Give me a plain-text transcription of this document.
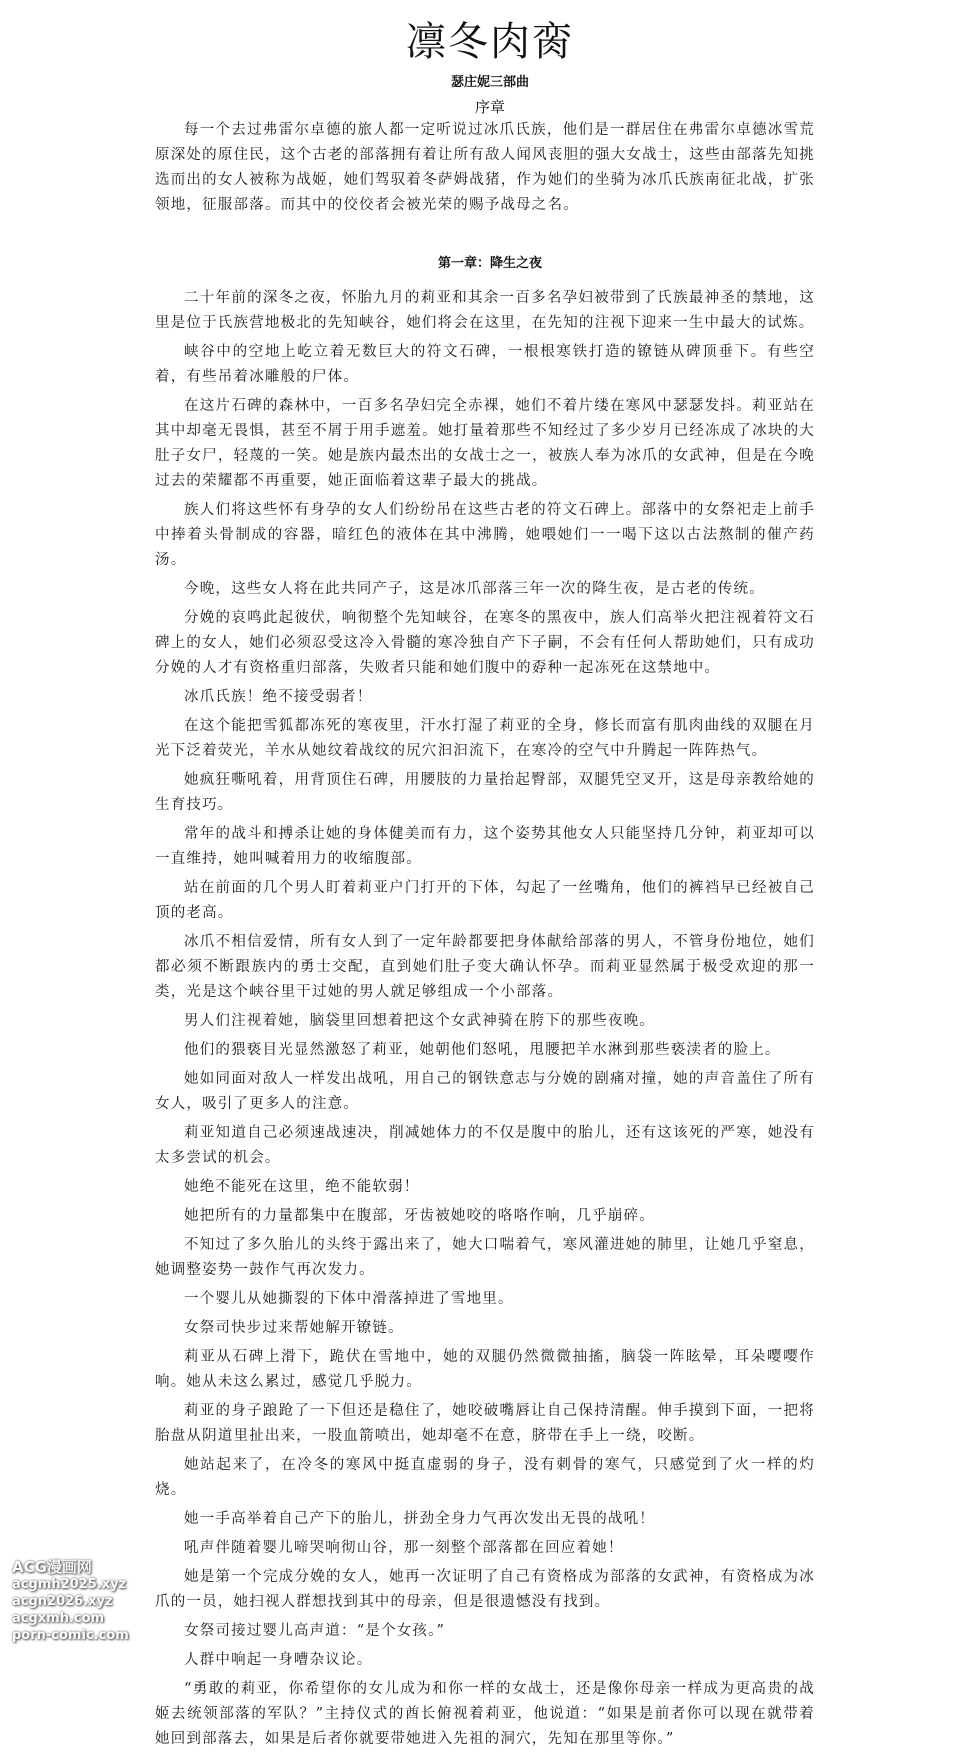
凛冬肉脔
瑟庄妮三部曲
序章

每一个去过弗雷尔卓德的旅人都一定听说过冰爪氏族，他们是一群居住在弗雷尔卓德冰雪荒原深处的原住民，这个古老的部落拥有着让所有敌人闻风丧胆的强大女战士，这些由部落先知挑选而出的女人被称为战姬，她们驾驭着冬萨姆战猪，作为她们的坐骑为冰爪氏族南征北战，扩张领地，征服部落。而其中的佼佼者会被光荣的赐予战母之名。

第一章：降生之夜

二十年前的深冬之夜，怀胎九月的莉亚和其余一百多名孕妇被带到了氏族最神圣的禁地，这里是位于氏族营地极北的先知峡谷，她们将会在这里，在先知的注视下迎来一生中最大的试炼。

峡谷中的空地上屹立着无数巨大的符文石碑，一根根寒铁打造的镣链从碑顶垂下。有些空着，有些吊着冰雕般的尸体。

在这片石碑的森林中，一百多名孕妇完全赤裸，她们不着片缕在寒风中瑟瑟发抖。莉亚站在其中却毫无畏惧，甚至不屑于用手遮羞。她打量着那些不知经过了多少岁月已经冻成了冰块的大肚子女尸，轻蔑的一笑。她是族内最杰出的女战士之一，被族人奉为冰爪的女武神，但是在今晚过去的荣耀都不再重要，她正面临着这辈子最大的挑战。

族人们将这些怀有身孕的女人们纷纷吊在这些古老的符文石碑上。部落中的女祭祀走上前手中捧着头骨制成的容器，暗红色的液体在其中沸腾，她喂她们一一喝下这以古法熬制的催产药汤。

今晚，这些女人将在此共同产子，这是冰爪部落三年一次的降生夜，是古老的传统。

分娩的哀鸣此起彼伏，响彻整个先知峡谷，在寒冬的黑夜中，族人们高举火把注视着符文石碑上的女人，她们必须忍受这冷入骨髓的寒冷独自产下子嗣，不会有任何人帮助她们，只有成功分娩的人才有资格重归部落，失败者只能和她们腹中的孬种一起冻死在这禁地中。

冰爪氏族！绝不接受弱者！

在这个能把雪狐都冻死的寒夜里，汗水打湿了莉亚的全身，修长而富有肌肉曲线的双腿在月光下泛着荧光，羊水从她纹着战纹的尻穴汩汩流下，在寒冷的空气中升腾起一阵阵热气。

她疯狂嘶吼着，用背顶住石碑，用腰肢的力量抬起臀部，双腿凭空叉开，这是母亲教给她的生育技巧。

常年的战斗和搏杀让她的身体健美而有力，这个姿势其他女人只能坚持几分钟，莉亚却可以一直维持，她叫喊着用力的收缩腹部。

站在前面的几个男人盯着莉亚户门打开的下体，勾起了一丝嘴角，他们的裤裆早已经被自己顶的老高。

冰爪不相信爱情，所有女人到了一定年龄都要把身体献给部落的男人，不管身份地位，她们都必须不断跟族内的勇士交配，直到她们肚子变大确认怀孕。而莉亚显然属于极受欢迎的那一类，光是这个峡谷里干过她的男人就足够组成一个小部落。

男人们注视着她，脑袋里回想着把这个女武神骑在胯下的那些夜晚。

他们的猥亵目光显然激怒了莉亚，她朝他们怒吼，甩腰把羊水淋到那些亵渎者的脸上。

她如同面对敌人一样发出战吼，用自己的钢铁意志与分娩的剧痛对撞，她的声音盖住了所有女人，吸引了更多人的注意。

莉亚知道自己必须速战速决，削减她体力的不仅是腹中的胎儿，还有这该死的严寒，她没有太多尝试的机会。

她绝不能死在这里，绝不能软弱！

她把所有的力量都集中在腹部，牙齿被她咬的咯咯作响，几乎崩碎。

不知过了多久胎儿的头终于露出来了，她大口喘着气，寒风灌进她的肺里，让她几乎窒息，她调整姿势一鼓作气再次发力。

一个婴儿从她撕裂的下体中滑落掉进了雪地里。

女祭司快步过来帮她解开镣链。

莉亚从石碑上滑下，跪伏在雪地中，她的双腿仍然微微抽搐，脑袋一阵眩晕，耳朵嘤嘤作响。她从未这么累过，感觉几乎脱力。

莉亚的身子踉跄了一下但还是稳住了，她咬破嘴唇让自己保持清醒。伸手摸到下面，一把将胎盘从阴道里扯出来，一股血箭喷出，她却毫不在意，脐带在手上一绕，咬断。

她站起来了，在冷冬的寒风中挺直虚弱的身子，没有刺骨的寒气，只感觉到了火一样的灼烧。

她一手高举着自己产下的胎儿，拼劲全身力气再次发出无畏的战吼！

吼声伴随着婴儿啼哭响彻山谷，那一刻整个部落都在回应着她！

她是第一个完成分娩的女人，她再一次证明了自己有资格成为部落的女武神，有资格成为冰爪的一员，她扫视人群想找到其中的母亲，但是很遗憾没有找到。

女祭司接过婴儿高声道：“是个女孩。”

人群中响起一身嘈杂议论。

“勇敢的莉亚，你希望你的女儿成为和你一样的女战士，还是像你母亲一样成为更高贵的战姬去统领部落的军队？”主持仪式的酋长俯视着莉亚，他说道：“如果是前者你可以现在就带着她回到部落去，如果是后者你就要带她进入先祖的洞穴，先知在那里等你。”

ACG漫画网
acgmh2025.xyz
acgn2026.xyz
acgxmh.com
porn-comic.com
